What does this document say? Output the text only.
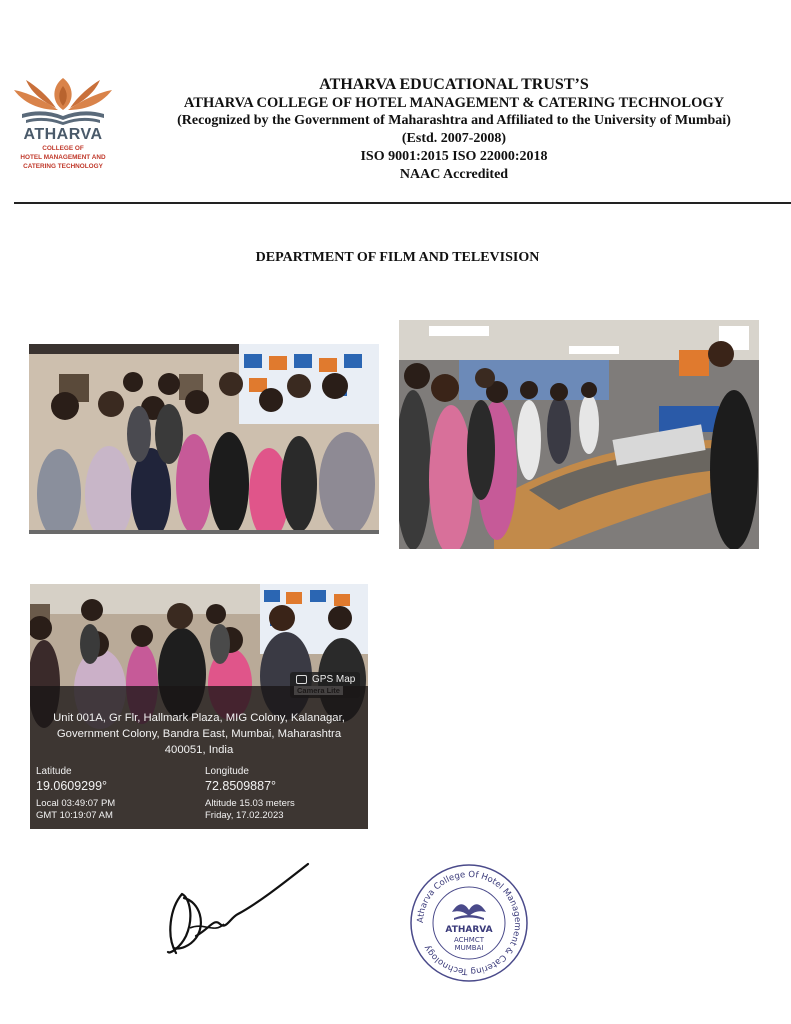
ATHARVA
COLLEGE OF
HOTEL MANAGEMENT AND
CATERING TECHNOLOGY
ATHARVA EDUCATIONAL TRUST’S
ATHARVA COLLEGE OF HOTEL MANAGEMENT & CATERING TECHNOLOGY
(Recognized by the Government of Maharashtra and Affiliated to the University of Mumbai)
(Estd. 2007-2008)
ISO 9001:2015 ISO 22000:2018
NAAC Accredited
DEPARTMENT OF FILM AND TELEVISION
GPS Map
Unit 001A, Gr Flr, Hallmark Plaza, MIG Colony, Kalanagar,
Government Colony, Bandra East, Mumbai, Maharashtra
400051, India
Latitude
19.0609299°
Longitude
72.8509887°
Local 03:49:07 PM
GMT 10:19:07 AM
Altitude 15.03 meters
Friday, 17.02.2023
Atharva College Of Hotel Management & Catering Technology
ATHARVA
ACHMCT
MUMBAI
